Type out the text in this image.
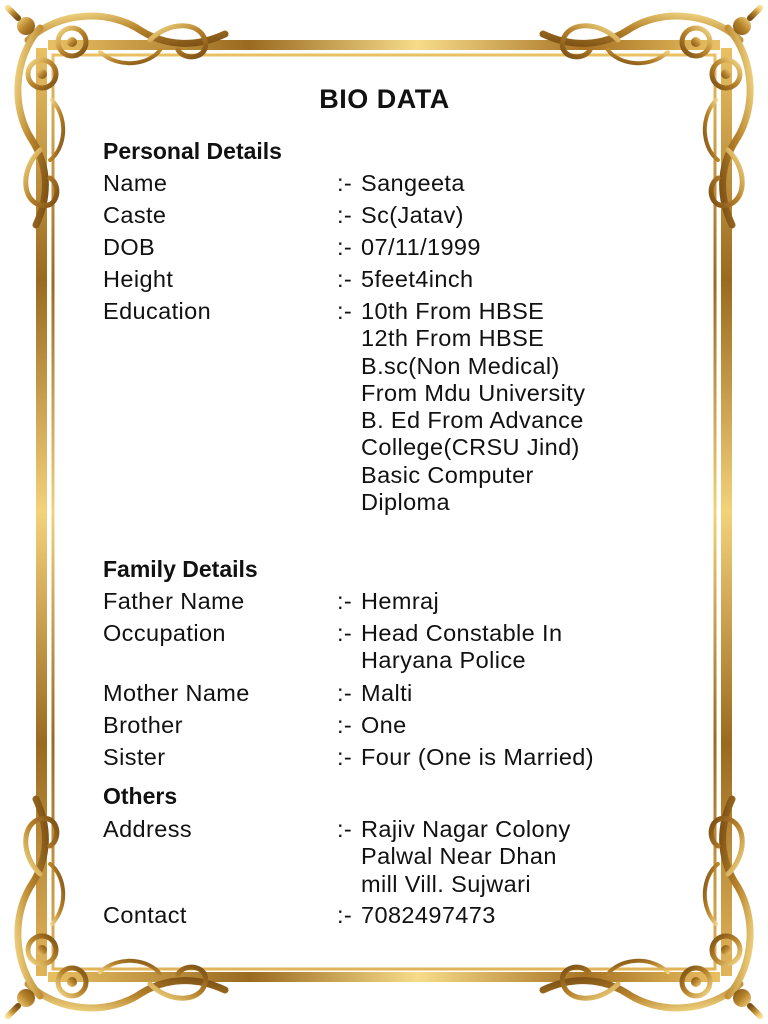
BIO DATA
Personal Details
Name	:- Sangeeta
Caste	:- Sc(Jatav)
DOB	:- 07/11/1999
Height	:- 5feet4inch
Education	:- 10th From HBSE
12th From HBSE
B.sc(Non Medical)
From Mdu University
B. Ed From Advance
College(CRSU Jind)
Basic Computer
Diploma
Family Details
Father Name	:- Hemraj
Occupation	:- Head Constable In
Haryana Police
Mother Name	:- Malti
Brother	:- One
Sister	:- Four (One is Married)
Others
Address	:- Rajiv Nagar Colony
Palwal Near Dhan
mill Vill. Sujwari
Contact	:- 7082497473
